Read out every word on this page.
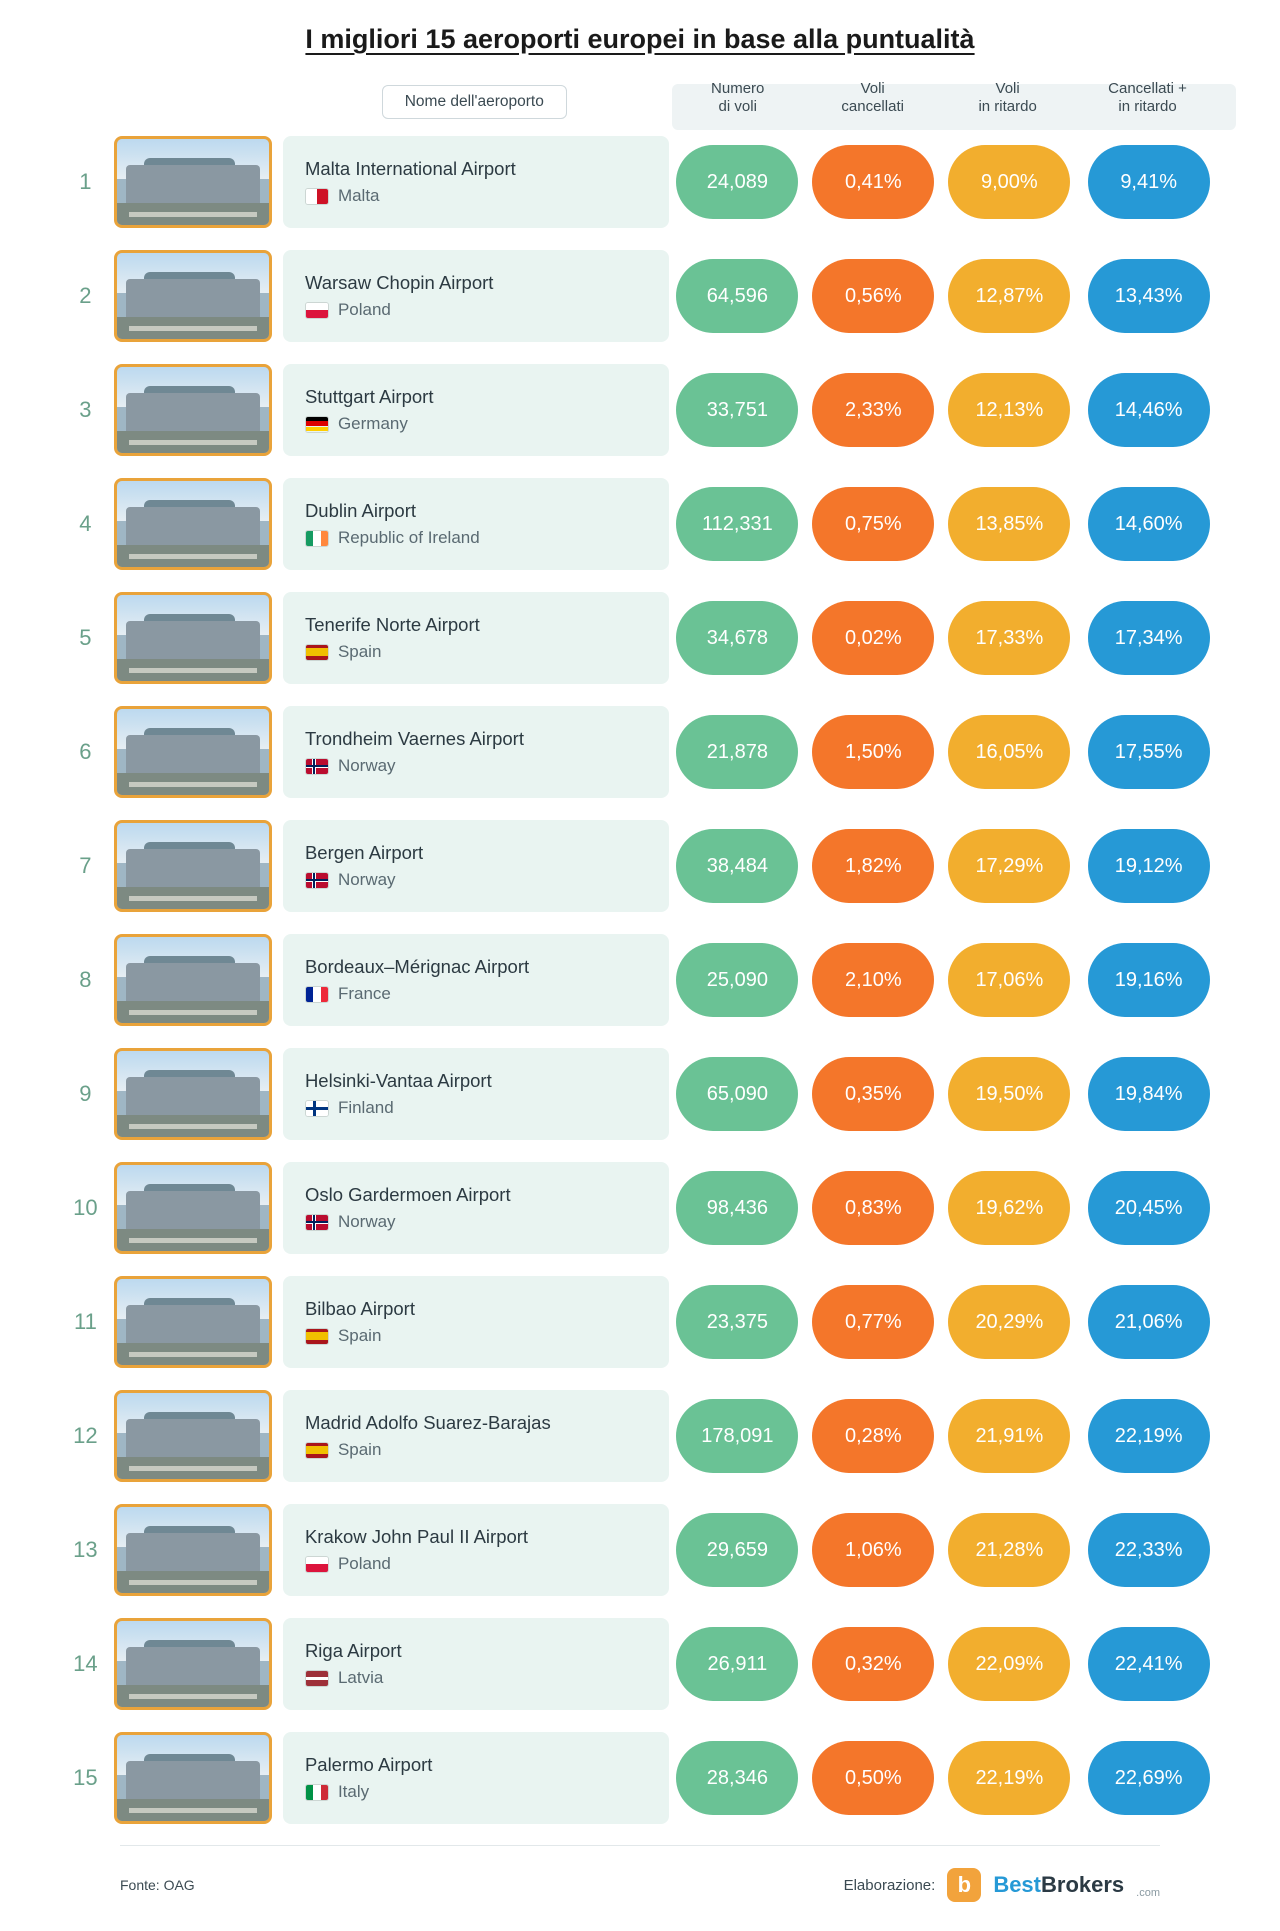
I migliori 15 aeroporti europei in base alla puntualità
Nome dell'aeroporto
Numero
di voli
Voli
cancellati
Voli
in ritardo
Cancellati +
in ritardo
1
Malta International Airport
Malta
24,089	0,41%	9,00%	9,41%
2
Warsaw Chopin Airport
Poland
64,596	0,56%	12,87%	13,43%
3
Stuttgart Airport
Germany
33,751	2,33%	12,13%	14,46%
4
Dublin Airport
Republic of Ireland
112,331	0,75%	13,85%	14,60%
5
Tenerife Norte Airport
Spain
34,678	0,02%	17,33%	17,34%
6
Trondheim Vaernes Airport
Norway
21,878	1,50%	16,05%	17,55%
7
Bergen Airport
Norway
38,484	1,82%	17,29%	19,12%
8
Bordeaux–Mérignac Airport
France
25,090	2,10%	17,06%	19,16%
9
Helsinki-Vantaa Airport
Finland
65,090	0,35%	19,50%	19,84%
10
Oslo Gardermoen Airport
Norway
98,436	0,83%	19,62%	20,45%
11
Bilbao Airport
Spain
23,375	0,77%	20,29%	21,06%
12
Madrid Adolfo Suarez-Barajas
Spain
178,091	0,28%	21,91%	22,19%
13
Krakow John Paul II Airport
Poland
29,659	1,06%	21,28%	22,33%
14
Riga Airport
Latvia
26,911	0,32%	22,09%	22,41%
15
Palermo Airport
Italy
28,346	0,50%	22,19%	22,69%
Fonte: OAG	Elaborazione:	b	BestBrokers .com
